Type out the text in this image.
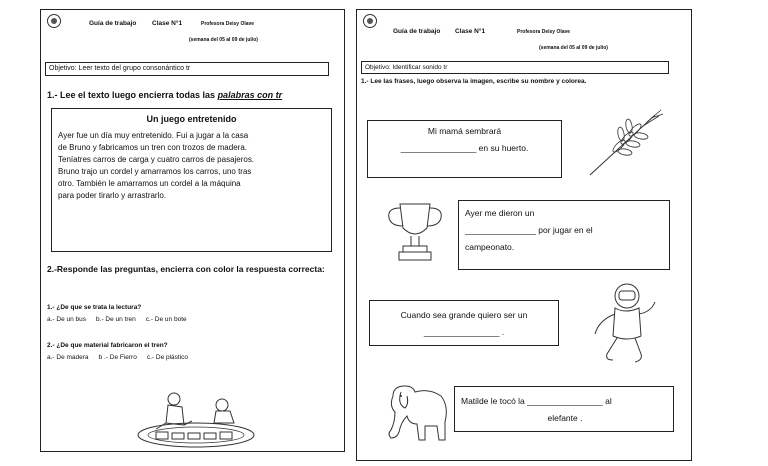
Guía de trabajo Clase N°1	Profesora Deisy Olave
(semana del 05 al 09 de julio)
Objetivo: Leer texto del grupo consonántico tr
1.- Lee el texto luego encierra todas las palabras con tr
Un juego entretenido
Ayer fue un día muy entretenido. Fui a jugar a la casa
de Bruno y fabricamos un tren con trozos de madera.
Teníatres carros de carga y cuatro carros de pasajeros.
Bruno trajo un cordel y amarramos los carros, uno tras
otro. También le amarramos un cordel a la máquina
para poder tirarlo y arrastrarlo.
2.-Responde las preguntas, encierra con color la respuesta correcta:
1.- ¿De que se trata la lectura?
a.- De un bus b.- De un tren c.- De un bote
2.- ¿De que material fabricaron el tren?
a.- De madera b .- De Fierro c.- De plástico
Guía de trabajo Clase N°1	Profesora Deisy Olave
(semana del 05 al 09 de julio)
Objetivo: Identificar sonido tr
1.- Lee las frases, luego observa la imagen, escribe su nombre y colorea.
Mi mamá sembrará
________________ en su huerto.
Ayer me dieron un
_______________ por jugar en el
campeonato.
Cuando sea grande quiero ser un
________________ .
Matilde le tocó la ________________ al
elefante .
